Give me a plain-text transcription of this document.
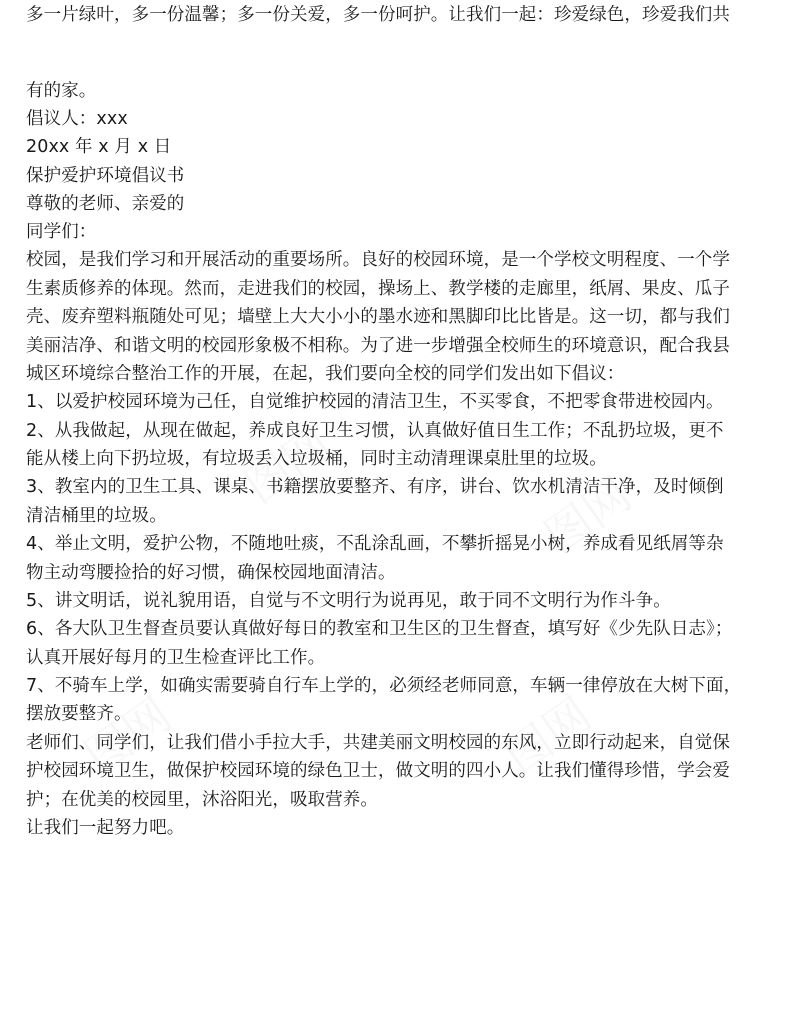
多一片绿叶，多一份温馨；多一份关爱，多一份呵护。让我们一起：珍爱绿色，珍爱我们共
有的家。
倡议人：xxx
20xx 年 x 月 x 日
保护爱护环境倡议书
尊敬的老师、亲爱的
同学们：
校园，是我们学习和开展活动的重要场所。良好的校园环境，是一个学校文明程度、一个学
生素质修养的体现。然而，走进我们的校园，操场上、教学楼的走廊里，纸屑、果皮、瓜子
壳、废弃塑料瓶随处可见；墙壁上大大小小的墨水迹和黑脚印比比皆是。这一切，都与我们
美丽洁净、和谐文明的校园形象极不相称。为了进一步增强全校师生的环境意识，配合我县
城区环境综合整治工作的开展，在起，我们要向全校的同学们发出如下倡议：
1、以爱护校园环境为己任，自觉维护校园的清洁卫生，不买零食，不把零食带进校园内。
2、从我做起，从现在做起，养成良好卫生习惯，认真做好值日生工作；不乱扔垃圾，更不
能从楼上向下扔垃圾，有垃圾丢入垃圾桶，同时主动清理课桌肚里的垃圾。
3、教室内的卫生工具、课桌、书籍摆放要整齐、有序，讲台、饮水机清洁干净，及时倾倒
清洁桶里的垃圾。
4、举止文明，爱护公物，不随地吐痰，不乱涂乱画，不攀折摇晃小树，养成看见纸屑等杂
物主动弯腰捡拾的好习惯，确保校园地面清洁。
5、讲文明话，说礼貌用语，自觉与不文明行为说再见，敢于同不文明行为作斗争。
6、各大队卫生督查员要认真做好每日的教室和卫生区的卫生督查，填写好《少先队日志》；
认真开展好每月的卫生检查评比工作。
7、不骑车上学，如确实需要骑自行车上学的，必须经老师同意，车辆一律停放在大树下面，
摆放要整齐。
老师们、同学们，让我们借小手拉大手，共建美丽文明校园的东风，立即行动起来，自觉保
护校园环境卫生，做保护校园环境的绿色卫士，做文明的四小人。让我们懂得珍惜，学会爱
护；在优美的校园里，沐浴阳光，吸取营养。
让我们一起努力吧。
